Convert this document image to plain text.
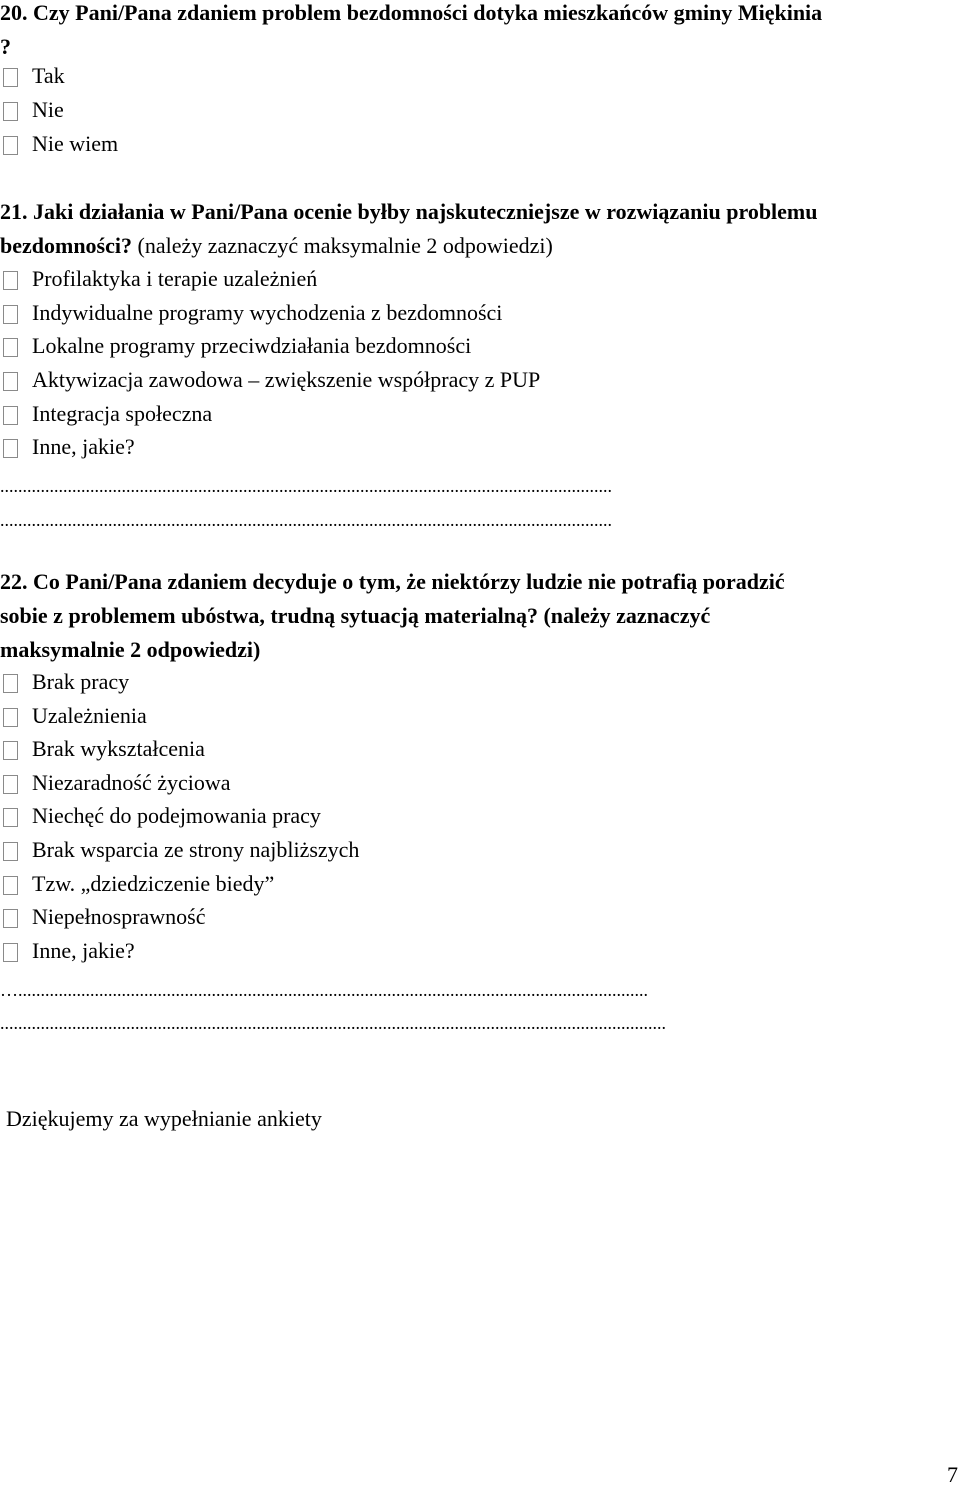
20. Czy Pani/Pana zdaniem problem bezdomności dotyka mieszkańców gminy Miękinia
?
Tak
Nie
Nie wiem
21. Jaki działania w Pani/Pana ocenie byłby najskuteczniejsze w rozwiązaniu problemu
bezdomności? (należy zaznaczyć maksymalnie 2 odpowiedzi)
Profilaktyka i terapie uzależnień
Indywidualne programy wychodzenia z bezdomności
Lokalne programy przeciwdziałania bezdomności
Aktywizacja zawodowa – zwiększenie współpracy z PUP
Integracja społeczna
Inne, jakie?
........................................................................................................................................
........................................................................................................................................
22. Co Pani/Pana zdaniem decyduje o tym, że niektórzy ludzie nie potrafią poradzić
sobie z problemem ubóstwa, trudną sytuacją materialną? (należy zaznaczyć
maksymalnie 2 odpowiedzi)
Brak pracy
Uzależnienia
Brak wykształcenia
Niezaradność życiowa
Niechęć do podejmowania pracy
Brak wsparcia ze strony najbliższych
Tzw. „dziedziczenie biedy”
Niepełnosprawność
Inne, jakie?
…............................................................................................................................................
....................................................................................................................................................
Dziękujemy za wypełnianie ankiety
7
